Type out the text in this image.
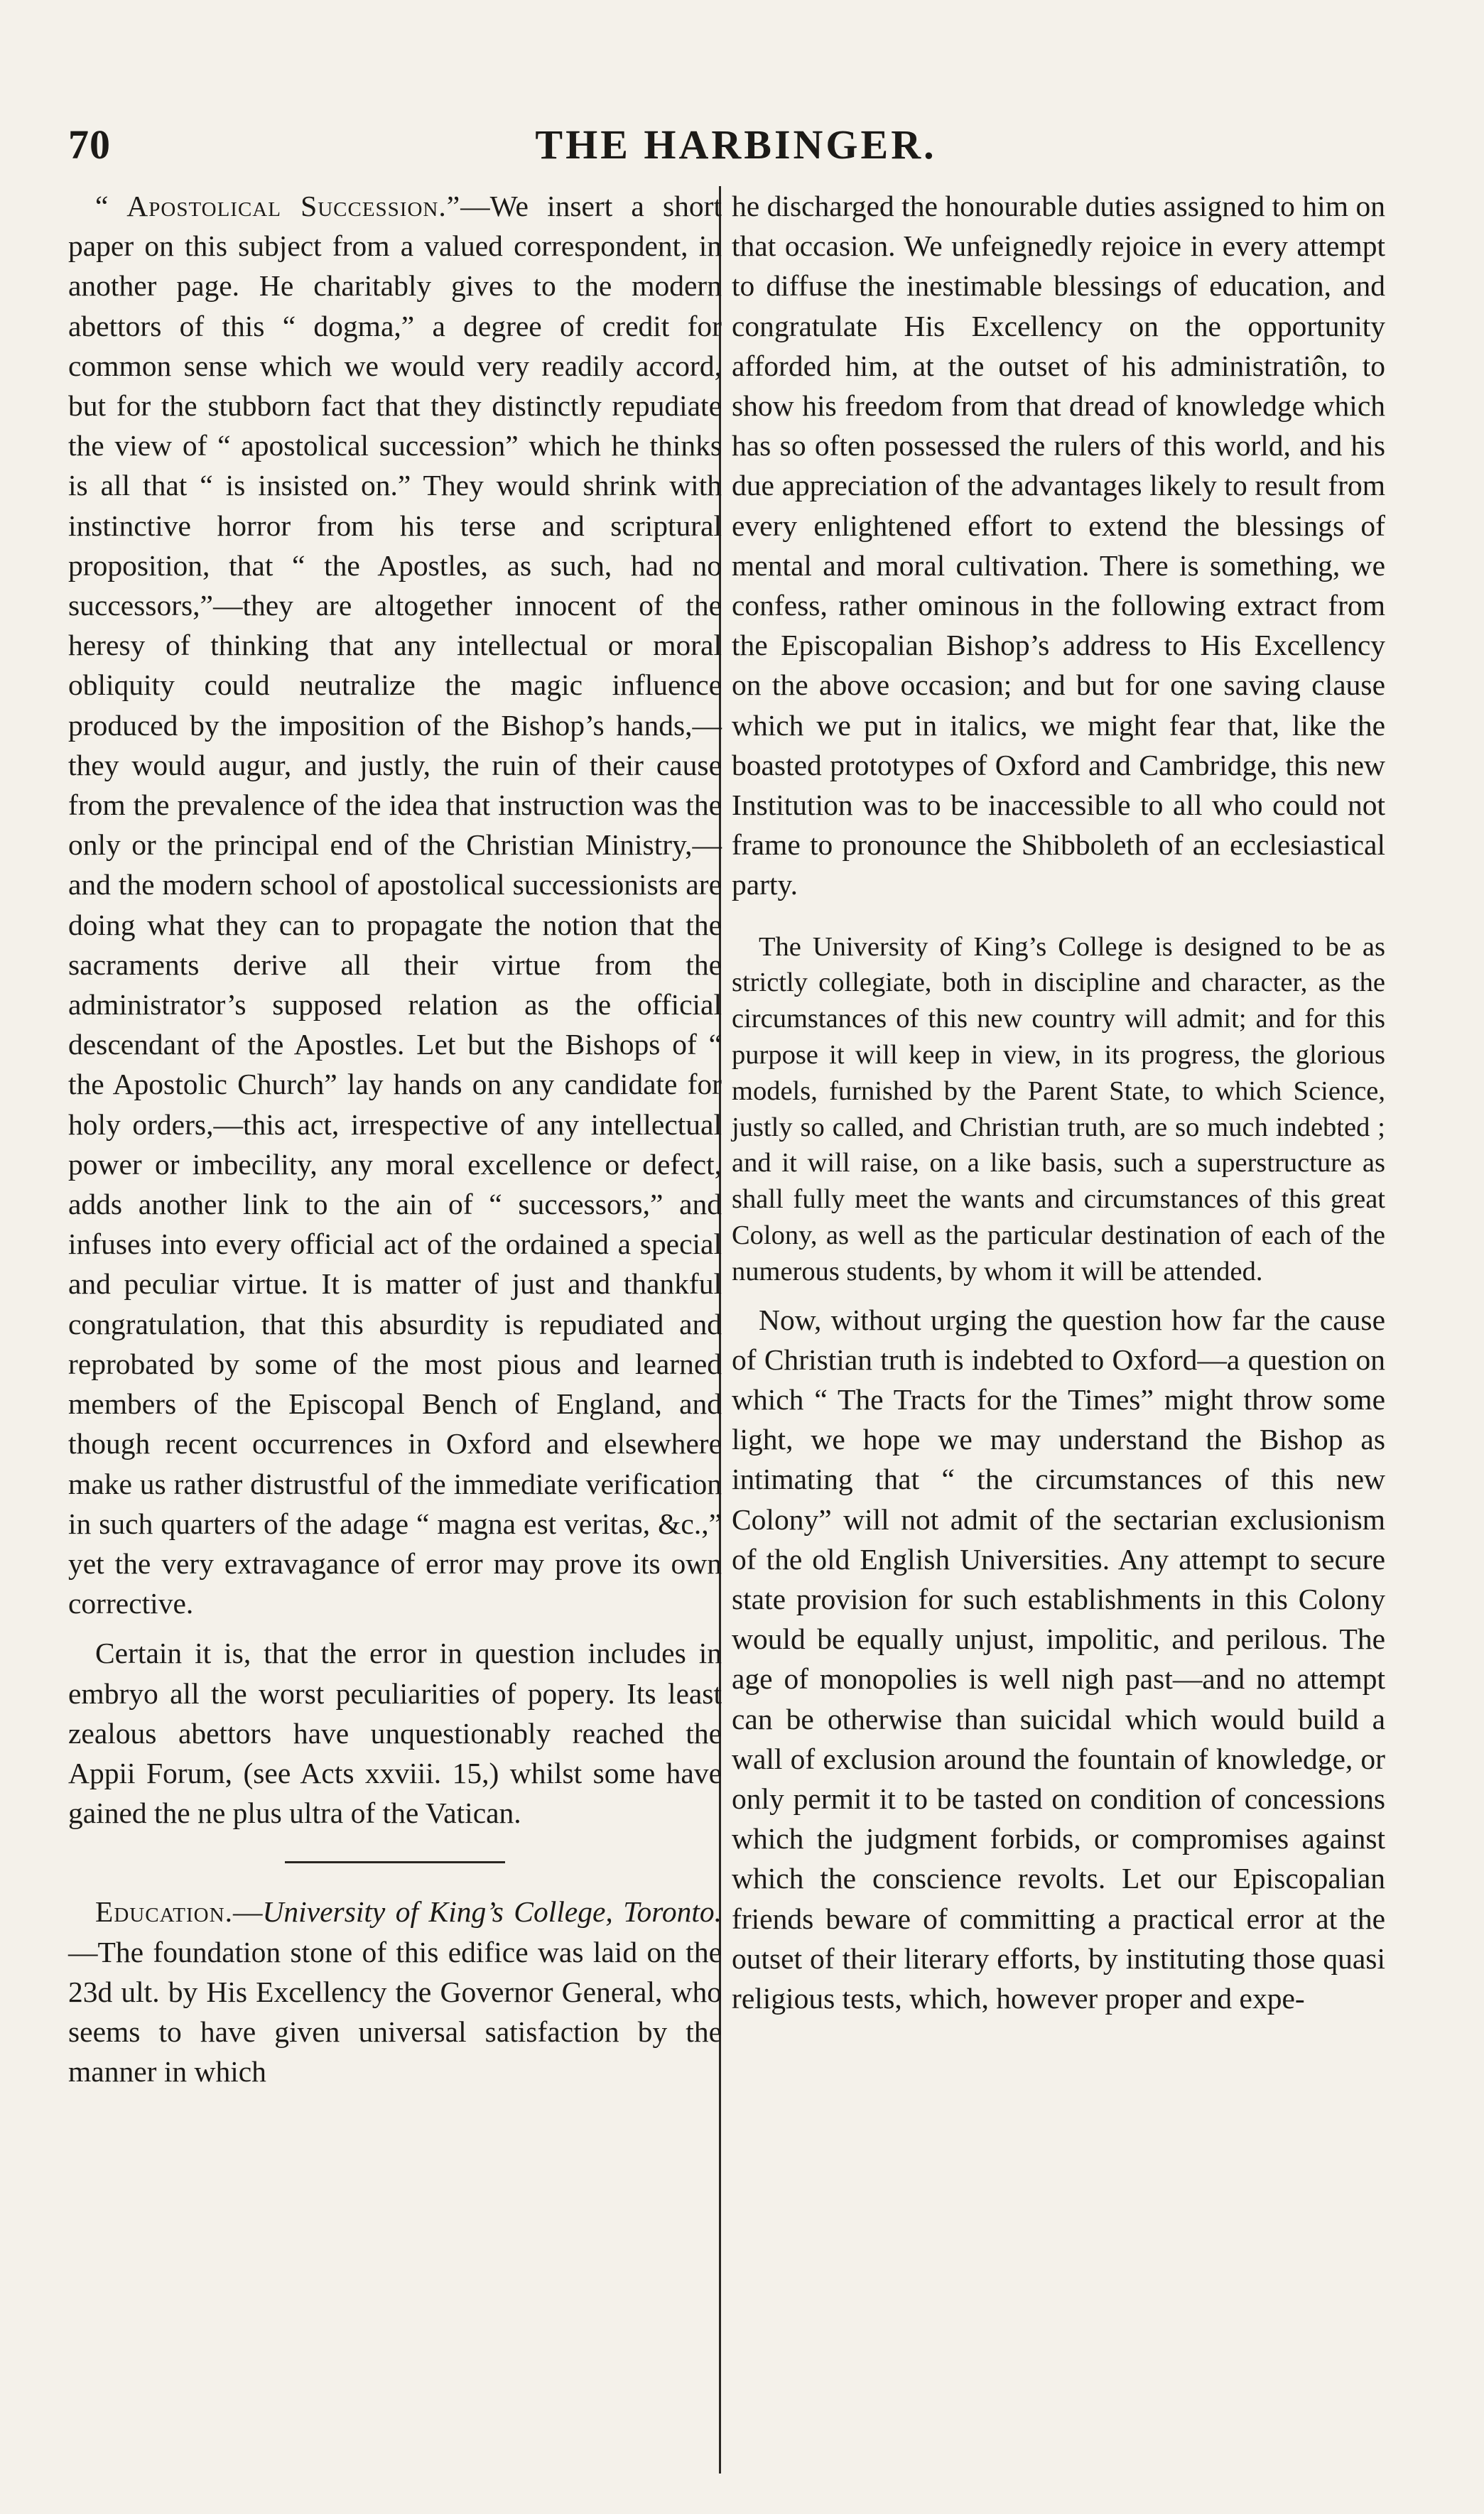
70	THE HARBINGER.

“ Apostolical Succession.”—We insert a short paper on this subject from a valued correspondent, in another page. He charitably gives to the modern abettors of this “ dogma,” a degree of credit for common sense which we would very readily accord, but for the stubborn fact that they distinctly repudiate the view of “ apostolical succession” which he thinks is all that “ is insisted on.” They would shrink with instinctive horror from his terse and scriptural proposition, that “ the Apostles, as such, had no successors,”—they are altogether innocent of the heresy of thinking that any intellectual or moral obliquity could neutralize the magic influence produced by the imposition of the Bishop’s hands,—they would augur, and justly, the ruin of their cause from the prevalence of the idea that instruction was the only or the principal end of the Christian Ministry,—and the modern school of apostolical successionists are doing what they can to propagate the notion that the sacraments derive all their virtue from the administrator’s supposed relation as the official descendant of the Apostles. Let but the Bishops of “ the Apostolic Church” lay hands on any candidate for holy orders,—this act, irrespective of any intellectual power or imbecility, any moral excellence or defect, adds another link to the ain of “ successors,” and infuses into every official act of the ordained a special and peculiar virtue. It is matter of just and thankful congratulation, that this absurdity is repudiated and reprobated by some of the most pious and learned members of the Episcopal Bench of England, and though recent occurrences in Oxford and elsewhere make us rather distrustful of the immediate verification in such quarters of the adage “ magna est veritas, &c.,” yet the very extravagance of error may prove its own corrective.

Certain it is, that the error in question includes in embryo all the worst peculiarities of popery. Its least zealous abettors have unquestionably reached the Appii Forum, (see Acts xxviii. 15,) whilst some have gained the ne plus ultra of the Vatican.

Education.—University of King’s College, Toronto.—The foundation stone of this edifice was laid on the 23d ult. by His Excellency the Governor General, who seems to have given universal satisfaction by the manner in which

he discharged the honourable duties assigned to him on that occasion. We unfeignedly rejoice in every attempt to diffuse the inestimable blessings of education, and congratulate His Excellency on the opportunity afforded him, at the outset of his administratiôn, to show his freedom from that dread of knowledge which has so often possessed the rulers of this world, and his due appreciation of the advantages likely to result from every enlightened effort to extend the blessings of mental and moral cultivation. There is something, we confess, rather ominous in the following extract from the Episcopalian Bishop’s address to His Excellency on the above occasion; and but for one saving clause which we put in italics, we might fear that, like the boasted prototypes of Oxford and Cambridge, this new Institution was to be inaccessible to all who could not frame to pronounce the Shibboleth of an ecclesiastical party.

The University of King’s College is designed to be as strictly collegiate, both in discipline and character, as the circumstances of this new country will admit; and for this purpose it will keep in view, in its progress, the glorious models, furnished by the Parent State, to which Science, justly so called, and Christian truth, are so much indebted ; and it will raise, on a like basis, such a superstructure as shall fully meet the wants and circumstances of this great Colony, as well as the particular destination of each of the numerous students, by whom it will be attended.

Now, without urging the question how far the cause of Christian truth is indebted to Oxford—a question on which “ The Tracts for the Times” might throw some light, we hope we may understand the Bishop as intimating that “ the circumstances of this new Colony” will not admit of the sectarian exclusionism of the old English Universities. Any attempt to secure state provision for such establishments in this Colony would be equally unjust, impolitic, and perilous. The age of monopolies is well nigh past—and no attempt can be otherwise than suicidal which would build a wall of exclusion around the fountain of knowledge, or only permit it to be tasted on condition of concessions which the judgment forbids, or compromises against which the conscience revolts. Let our Episcopalian friends beware of committing a practical error at the outset of their literary efforts, by instituting those quasi religious tests, which, however proper and expe-
